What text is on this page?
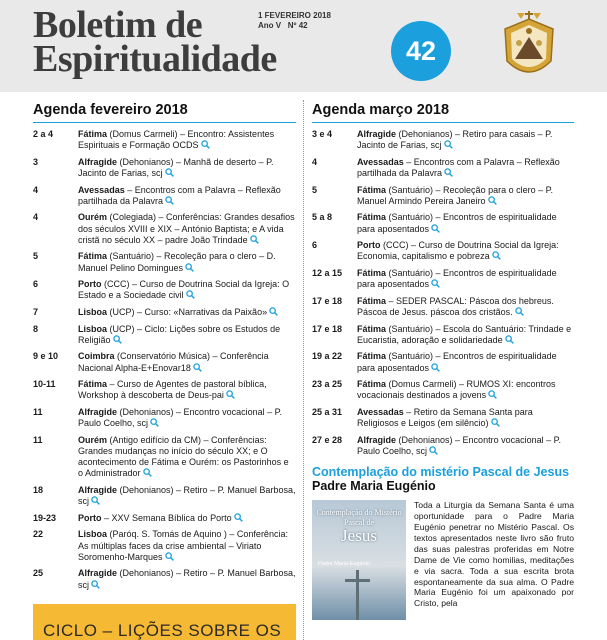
Boletim de
Espiritualidade
1 FEVEREIRO 2018
Ano V Nº 42
42
Agenda fevereiro 2018
2 a 4	Fátima (Domus Carmeli) – Encontro: Assistentes Espirituais e Formação OCDS
3	Alfragide (Dehonianos) – Manhã de deserto – P. Jacinto de Farias, scj
4	Avessadas – Encontros com a Palavra – Reflexão partilhada da Palavra
4	Ourém (Colegiada) – Conferências: Grandes desafios dos séculos XVIII e XIX – António Baptista; e A vida cristã no século XX – padre João Trindade
5	Fátima (Santuário) – Recoleção para o clero – D. Manuel Pelino Domingues
6	Porto (CCC) – Curso de Doutrina Social da Igreja: O Estado e a Sociedade civil
7	Lisboa (UCP) – Curso: «Narrativas da Paixão»
8	Lisboa (UCP) – Ciclo: Lições sobre os Estudos de Religião
9 e 10	Coimbra (Conservatório Música) – Conferência Nacional Alpha-E+Enovar18
10-11	Fátima – Curso de Agentes de pastoral bíblica, Workshop à descoberta de Deus-pai
11	Alfragide (Dehonianos) – Encontro vocacional – P. Paulo Coelho, scj
11	Ourém (Antigo edifício da CM) – Conferências: Grandes mudanças no início do século XX; e O acontecimento de Fátima e Ourém: os Pastorinhos e o Administrador
18	Alfragide (Dehonianos) – Retiro – P. Manuel Barbosa, scj
19-23	Porto – XXV Semana Bíblica do Porto
22	Lisboa (Paróq. S. Tomás de Aquino ) – Conferência: As múltiplas faces da crise ambiental – Viriato Soromenho-Marques
25	Alfragide (Dehonianos) – Retiro – P. Manuel Barbosa, scj
Agenda março 2018
3 e 4	Alfragide (Dehonianos) – Retiro para casais – P. Jacinto de Farias, scj
4	Avessadas – Encontros com a Palavra – Reflexão partilhada da Palavra
5	Fátima (Santuário) – Recoleção para o clero – P. Manuel Armindo Pereira Janeiro
5 a 8	Fátima (Santuário) – Encontros de espiritualidade para aposentados
6	Porto (CCC) – Curso de Doutrina Social da Igreja: Economia, capitalismo e pobreza
12 a 15	Fátima (Santuário) – Encontros de espiritualidade para aposentados
17 e 18	Fátima – SEDER PASCAL: Páscoa dos hebreus. Páscoa de Jesus. páscoa dos cristãos.
17 e 18	Fátima (Santuário) – Escola do Santuário: Trindade e Eucaristia, adoração e solidariedade
19 a 22	Fátima (Santuário) – Encontros de espiritualidade para aposentados
23 a 25	Fátima (Domus Carmeli) – RUMOS XI: encontros vocacionais destinados a jovens
25 a 31	Avessadas – Retiro da Semana Santa para Religiosos e Leigos (em silêncio)
27 e 28	Alfragide (Dehonianos) – Encontro vocacional – P. Paulo Coelho, scj
Contemplação do mistério Pascal de Jesus
Padre Maria Eugénio
Contemplação do Mistério Pascal de
Jesus
Padre Maria-Eugénio
Toda a Liturgia da Semana Santa é uma oportunidade para o Padre Maria Eugénio penetrar no Mistério Pascal. Os textos apresentados neste livro são fruto das suas palestras proferidas em Notre Dame de Vie como homilias, meditações e via sacra. Toda a sua escrita brota espontaneamente da sua alma. O Padre Maria Eugénio foi um apaixonado por Cristo, pela
CICLO – LIÇÕES SOBRE OS
